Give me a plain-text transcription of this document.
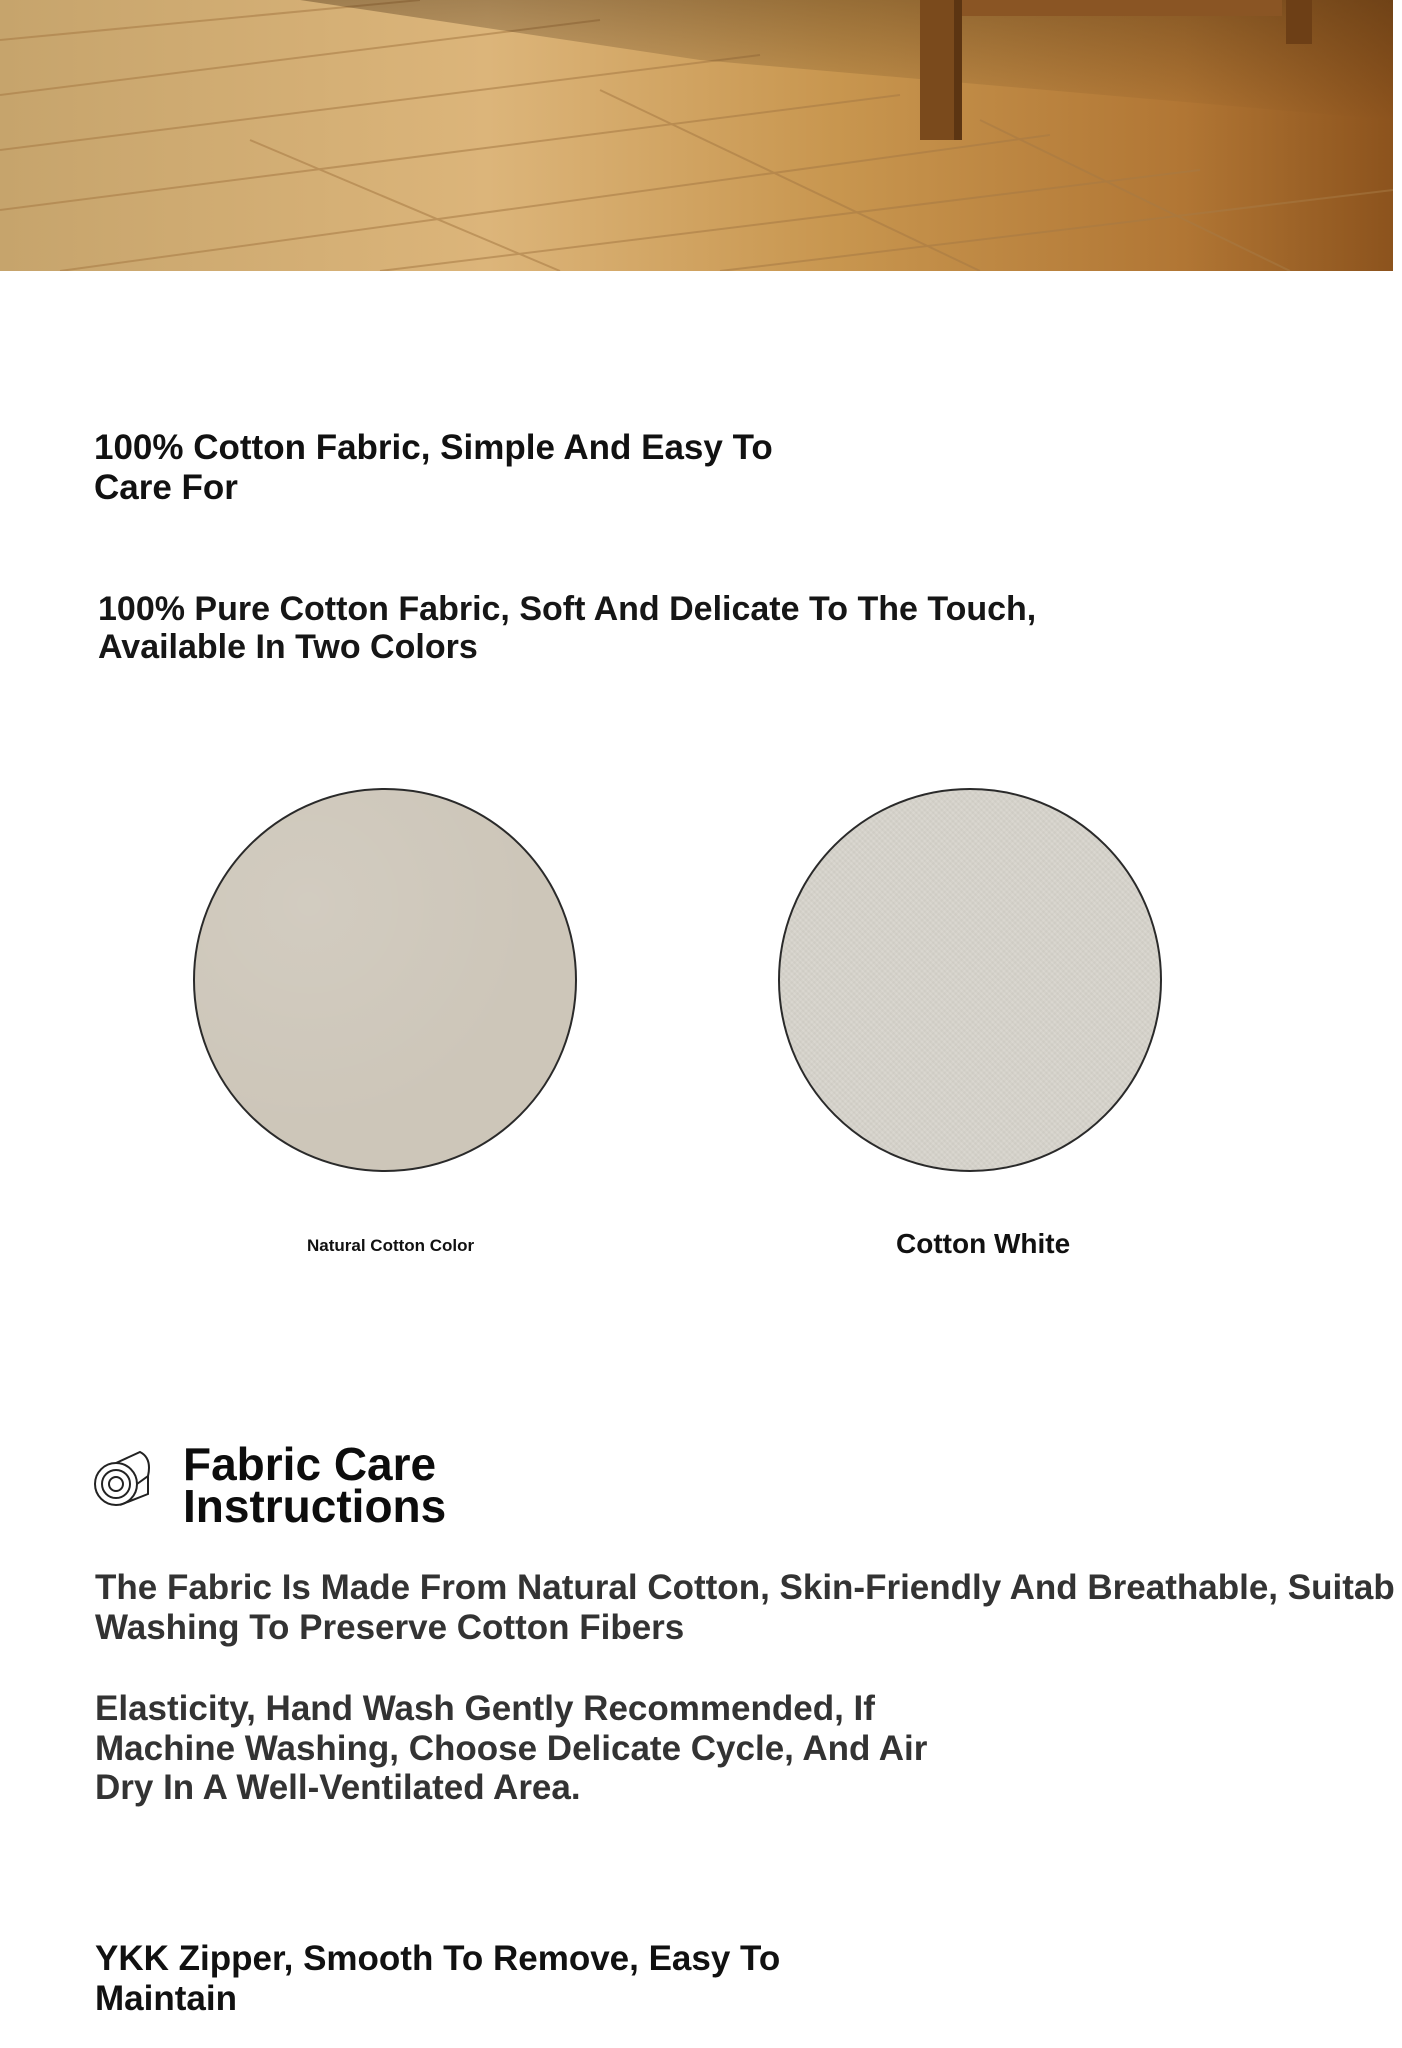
100% Cotton Fabric, Simple And Easy To

Care For

100% Pure Cotton Fabric, Soft And Delicate To The Touch,

Available In Two Colors

Natural Cotton Color	Cotton White

Fabric Care

Instructions

The Fabric Is Made From Natural Cotton, Skin-Friendly And Breathable, Suitab

Washing To Preserve Cotton Fibers

Elasticity, Hand Wash Gently Recommended, If

Machine Washing, Choose Delicate Cycle, And Air

Dry In A Well-Ventilated Area.

YKK Zipper, Smooth To Remove, Easy To

Maintain
